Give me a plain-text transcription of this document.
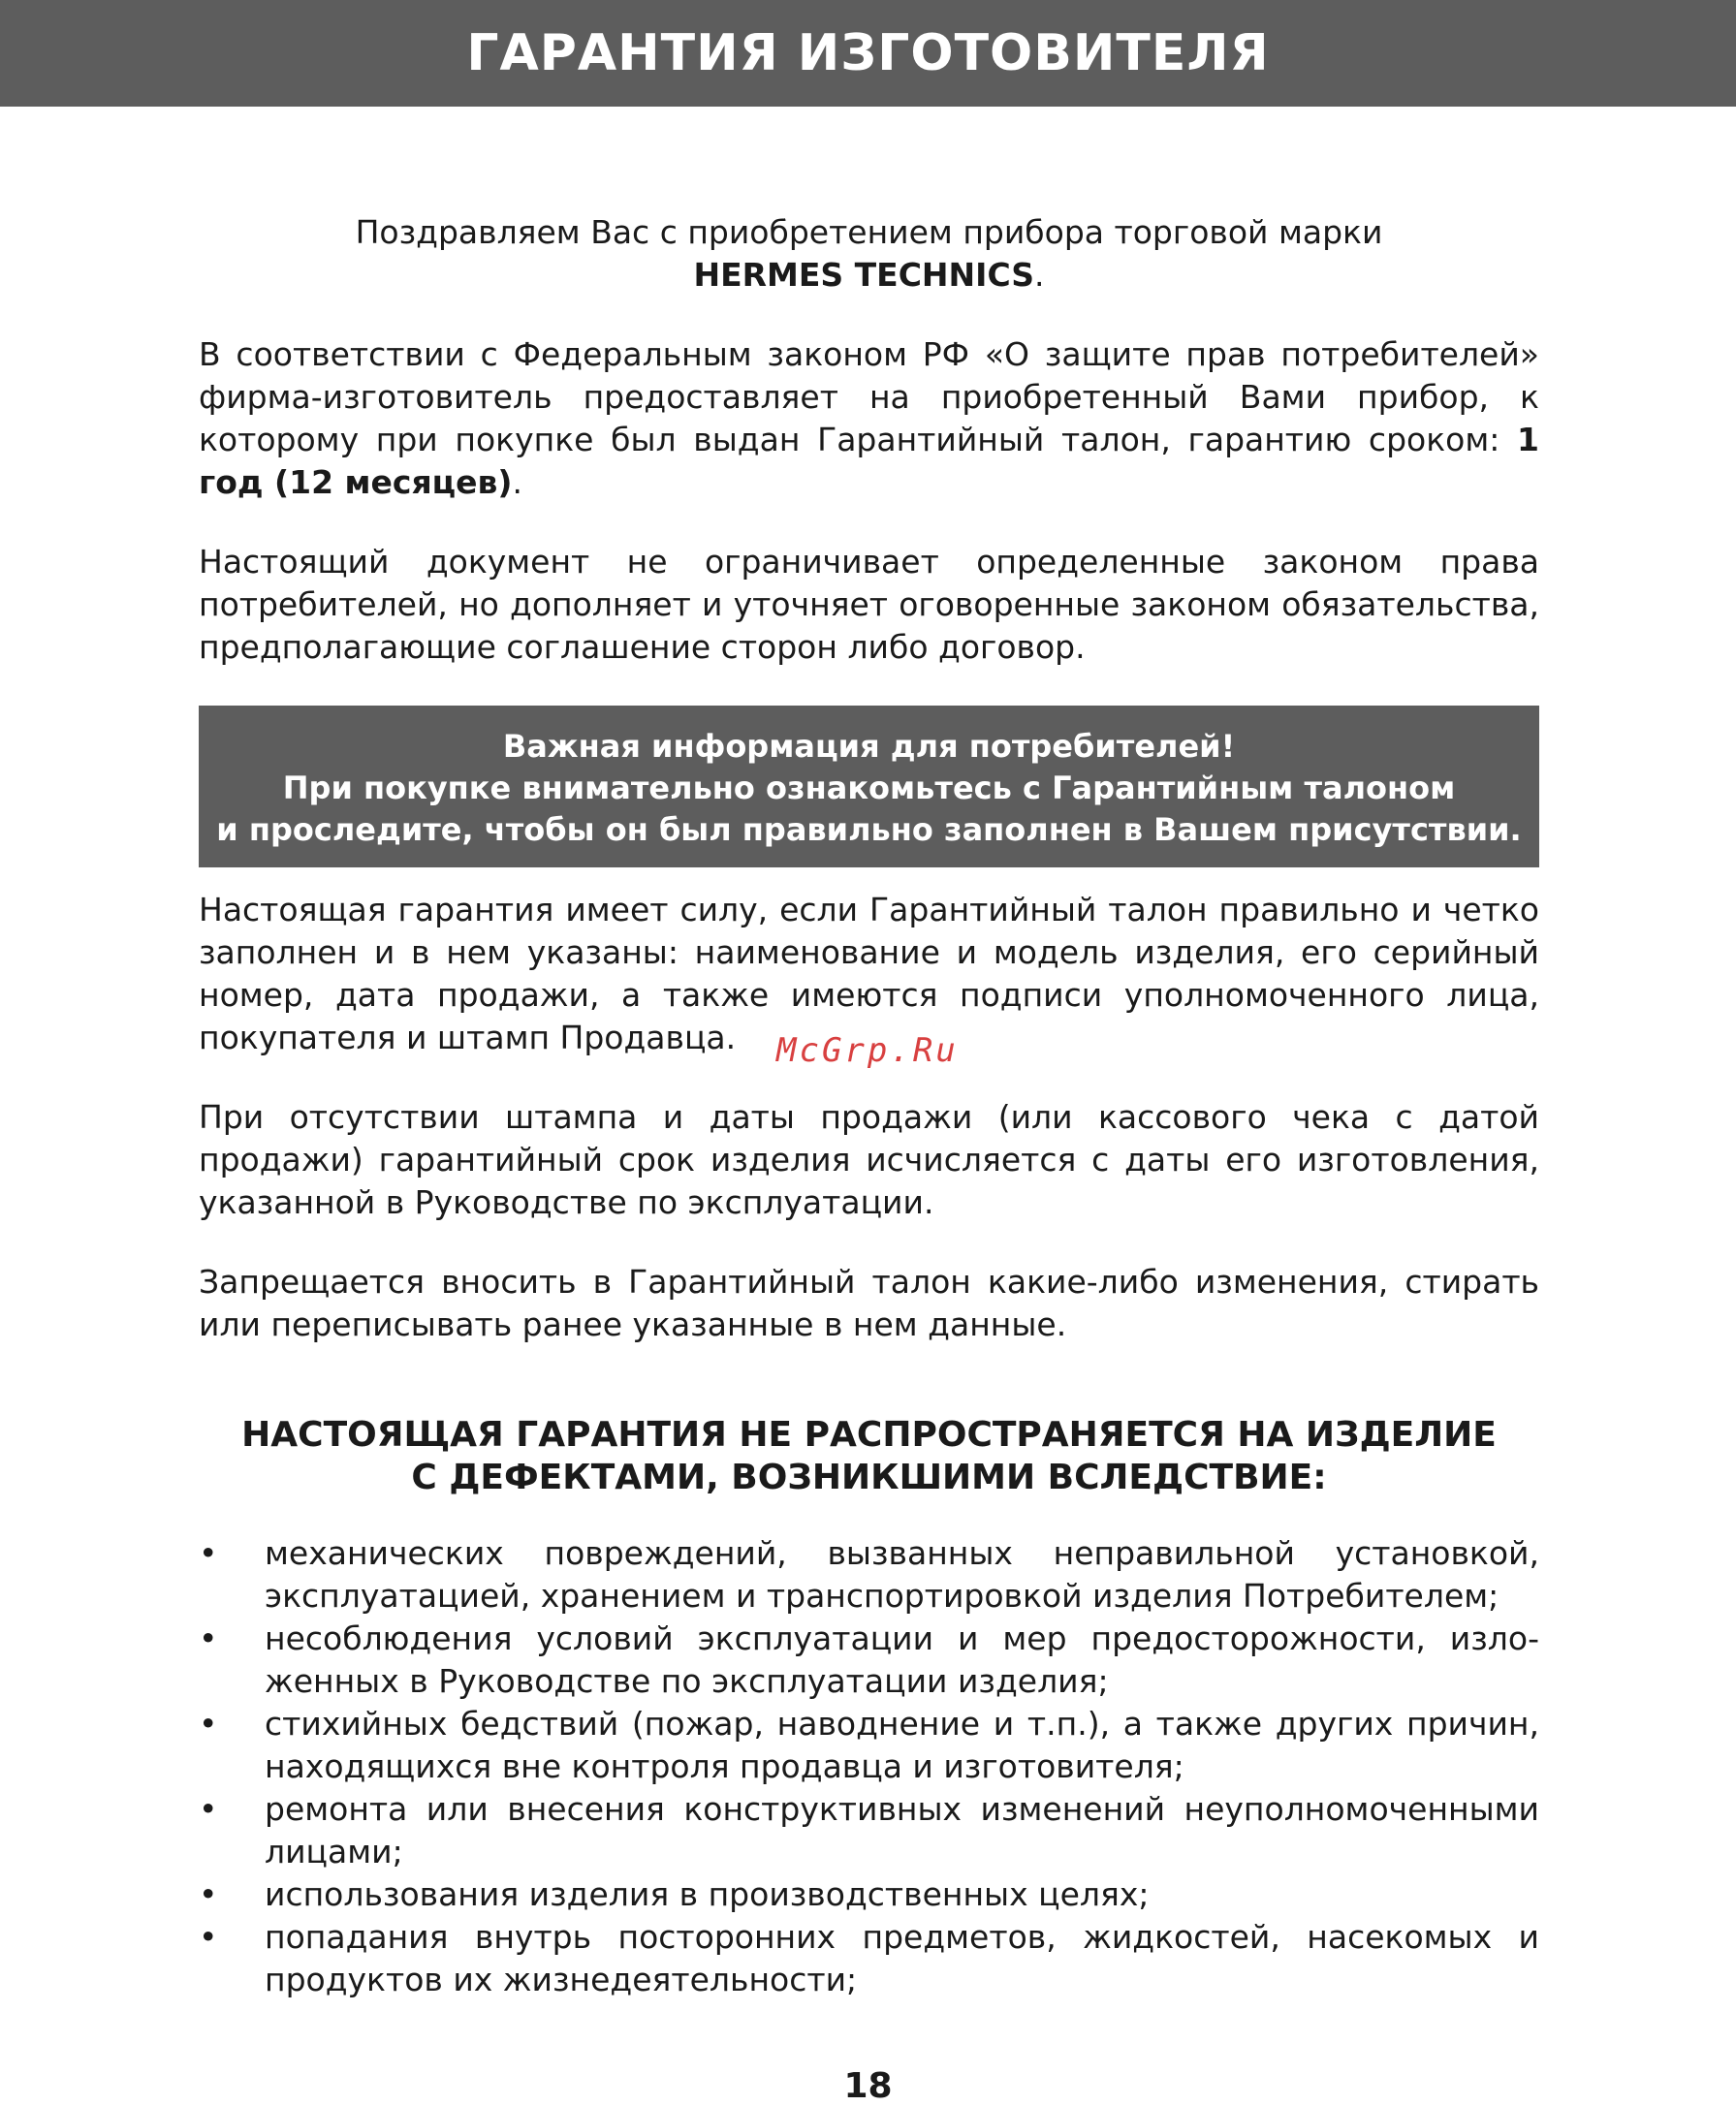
ГАРАНТИЯ ИЗГОТОВИТЕЛЯ
Поздравляем Вас с приобретением прибора торговой марки
HERMES TECHNICS.

В соответствии с Федеральным законом РФ «О защите прав потребителей» фирма-изготовитель предоставляет на приобретенный Вами прибор, к которому при покупке был выдан Гарантийный талон, гарантию сроком: 1 год (12 месяцев).

Настоящий документ не ограничивает определенные законом права потребителей, но дополняет и уточняет оговоренные законом обязательства, предполагающие соглашение сторон либо договор.

Важная информация для потребителей!
При покупке внимательно ознакомьтесь с Гарантийным талоном
и проследите, чтобы он был правильно заполнен в Вашем присутствии.

Настоящая гарантия имеет силу, если Гарантийный талон правильно и четко заполнен и в нем указаны: наименование и модель изделия, его серийный номер, дата продажи, а также имеются подписи уполномоченного лица, покупателя и штамп Продавца.

При отсутствии штампа и даты продажи (или кассового чека с датой продажи) гарантийный срок изделия исчисляется с даты его изготовления, указанной в Руководстве по эксплуатации.

Запрещается вносить в Гарантийный талон какие-либо изменения, стирать или переписывать ранее указанные в нем данные.

НАСТОЯЩАЯ ГАРАНТИЯ НЕ РАСПРОСТРАНЯЕТСЯ НА ИЗДЕЛИЕ
С ДЕФЕКТАМИ, ВОЗНИКШИМИ ВСЛЕДСТВИЕ:
• механических повреждений, вызванных неправильной установкой, эксплуатацией, хранением и транспортировкой изделия Потребителем;
• несоблюдения условий эксплуатации и мер предосторожности, изложенных в Руководстве по эксплуатации изделия;
• стихийных бедствий (пожар, наводнение и т.п.), а также других причин, находящихся вне контроля продавца и изготовителя;
• ремонта или внесения конструктивных изменений неуполномоченными лицами;
• использования изделия в производственных целях;
• попадания внутрь посторонних предметов, жидкостей, насекомых и продуктов их жизнедеятельности;
McGrp.Ru
18
